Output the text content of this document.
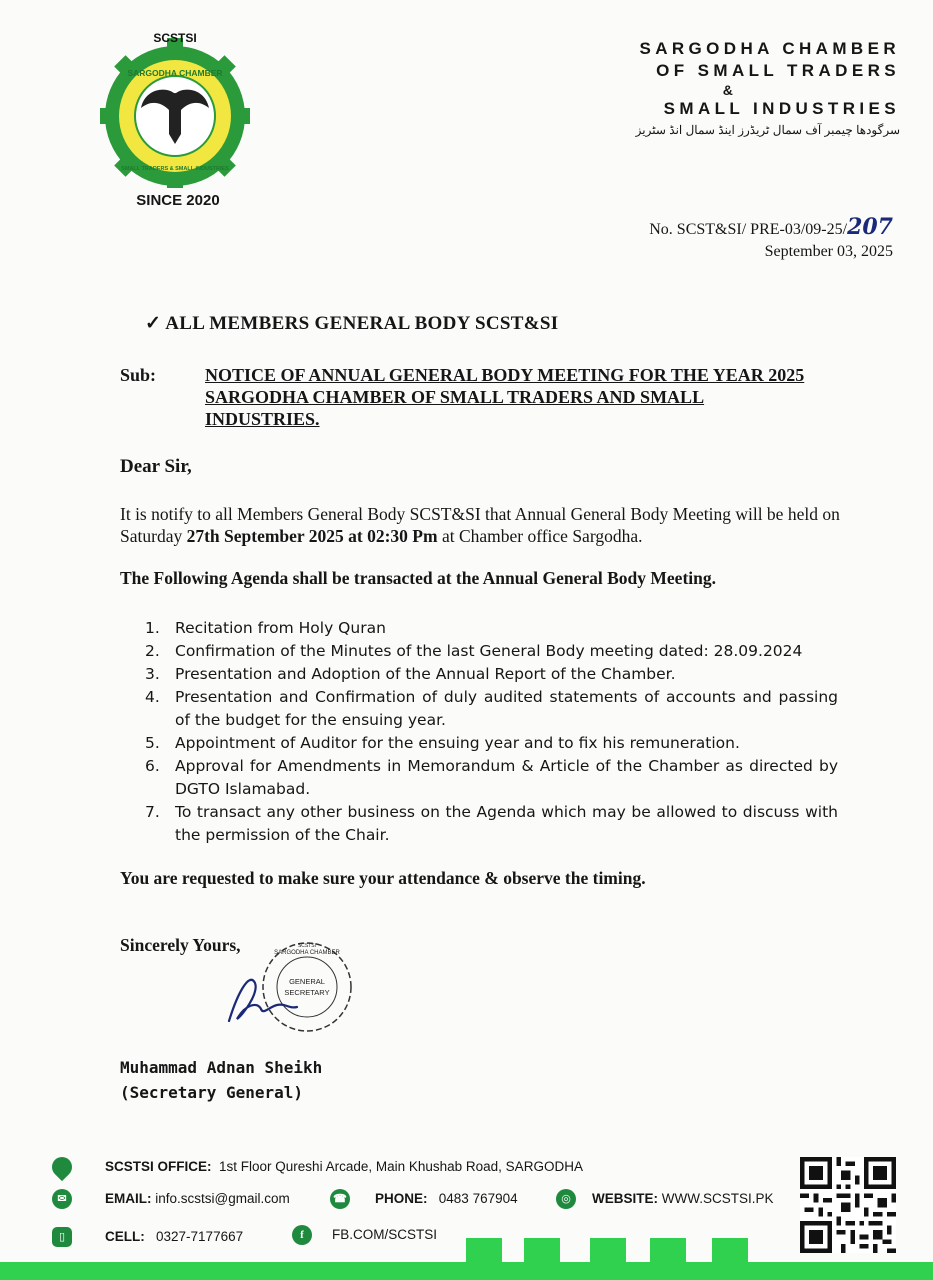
SCSTSI
SARGODHA CHAMBER
SMALL TRADERS & SMALL INDUSTRIES
SINCE 2020
SARGODHA CHAMBER
OF SMALL TRADERS
&
SMALL INDUSTRIES
سرگودھا چیمبر آف سمال ٹریڈرز اینڈ سمال انڈ سٹریز
No. SCST&SI/ PRE-03/09-25/207
September 03, 2025
✓ ALL MEMBERS GENERAL BODY SCST&SI
Sub:	NOTICE OF ANNUAL GENERAL BODY MEETING FOR THE YEAR 2025 SARGODHA CHAMBER OF SMALL TRADERS AND SMALL INDUSTRIES.
Dear Sir,
It is notify to all Members General Body SCST&SI that Annual General Body Meeting will be held on Saturday 27th September 2025 at 02:30 Pm at Chamber office Sargodha.
The Following Agenda shall be transacted at the Annual General Body Meeting.
1. Recitation from Holy Quran
2. Confirmation of the Minutes of the last General Body meeting dated: 28.09.2024
3. Presentation and Adoption of the Annual Report of the Chamber.
4. Presentation and Confirmation of duly audited statements of accounts and passing of the budget for the ensuing year.
5. Appointment of Auditor for the ensuing year and to fix his remuneration.
6. Approval for Amendments in Memorandum & Article of the Chamber as directed by DGTO Islamabad.
7. To transact any other business on the Agenda which may be allowed to discuss with the permission of the Chair.
You are requested to make sure your attendance & observe the timing.
Sincerely Yours,
GENERAL
SECRETARY
SARGODHA CHAMBER
SCSTSI
Muhammad Adnan Sheikh
(Secretary General)
SCSTSI OFFICE: 1st Floor Qureshi Arcade, Main Khushab Road, SARGODHA
✉	EMAIL: info.scstsi@gmail.com	☎ PHONE: 0483 767904	◎	WEBSITE: WWW.SCSTSI.PK
▯	CELL: 0327-7177667	f	FB.COM/SCSTSI
